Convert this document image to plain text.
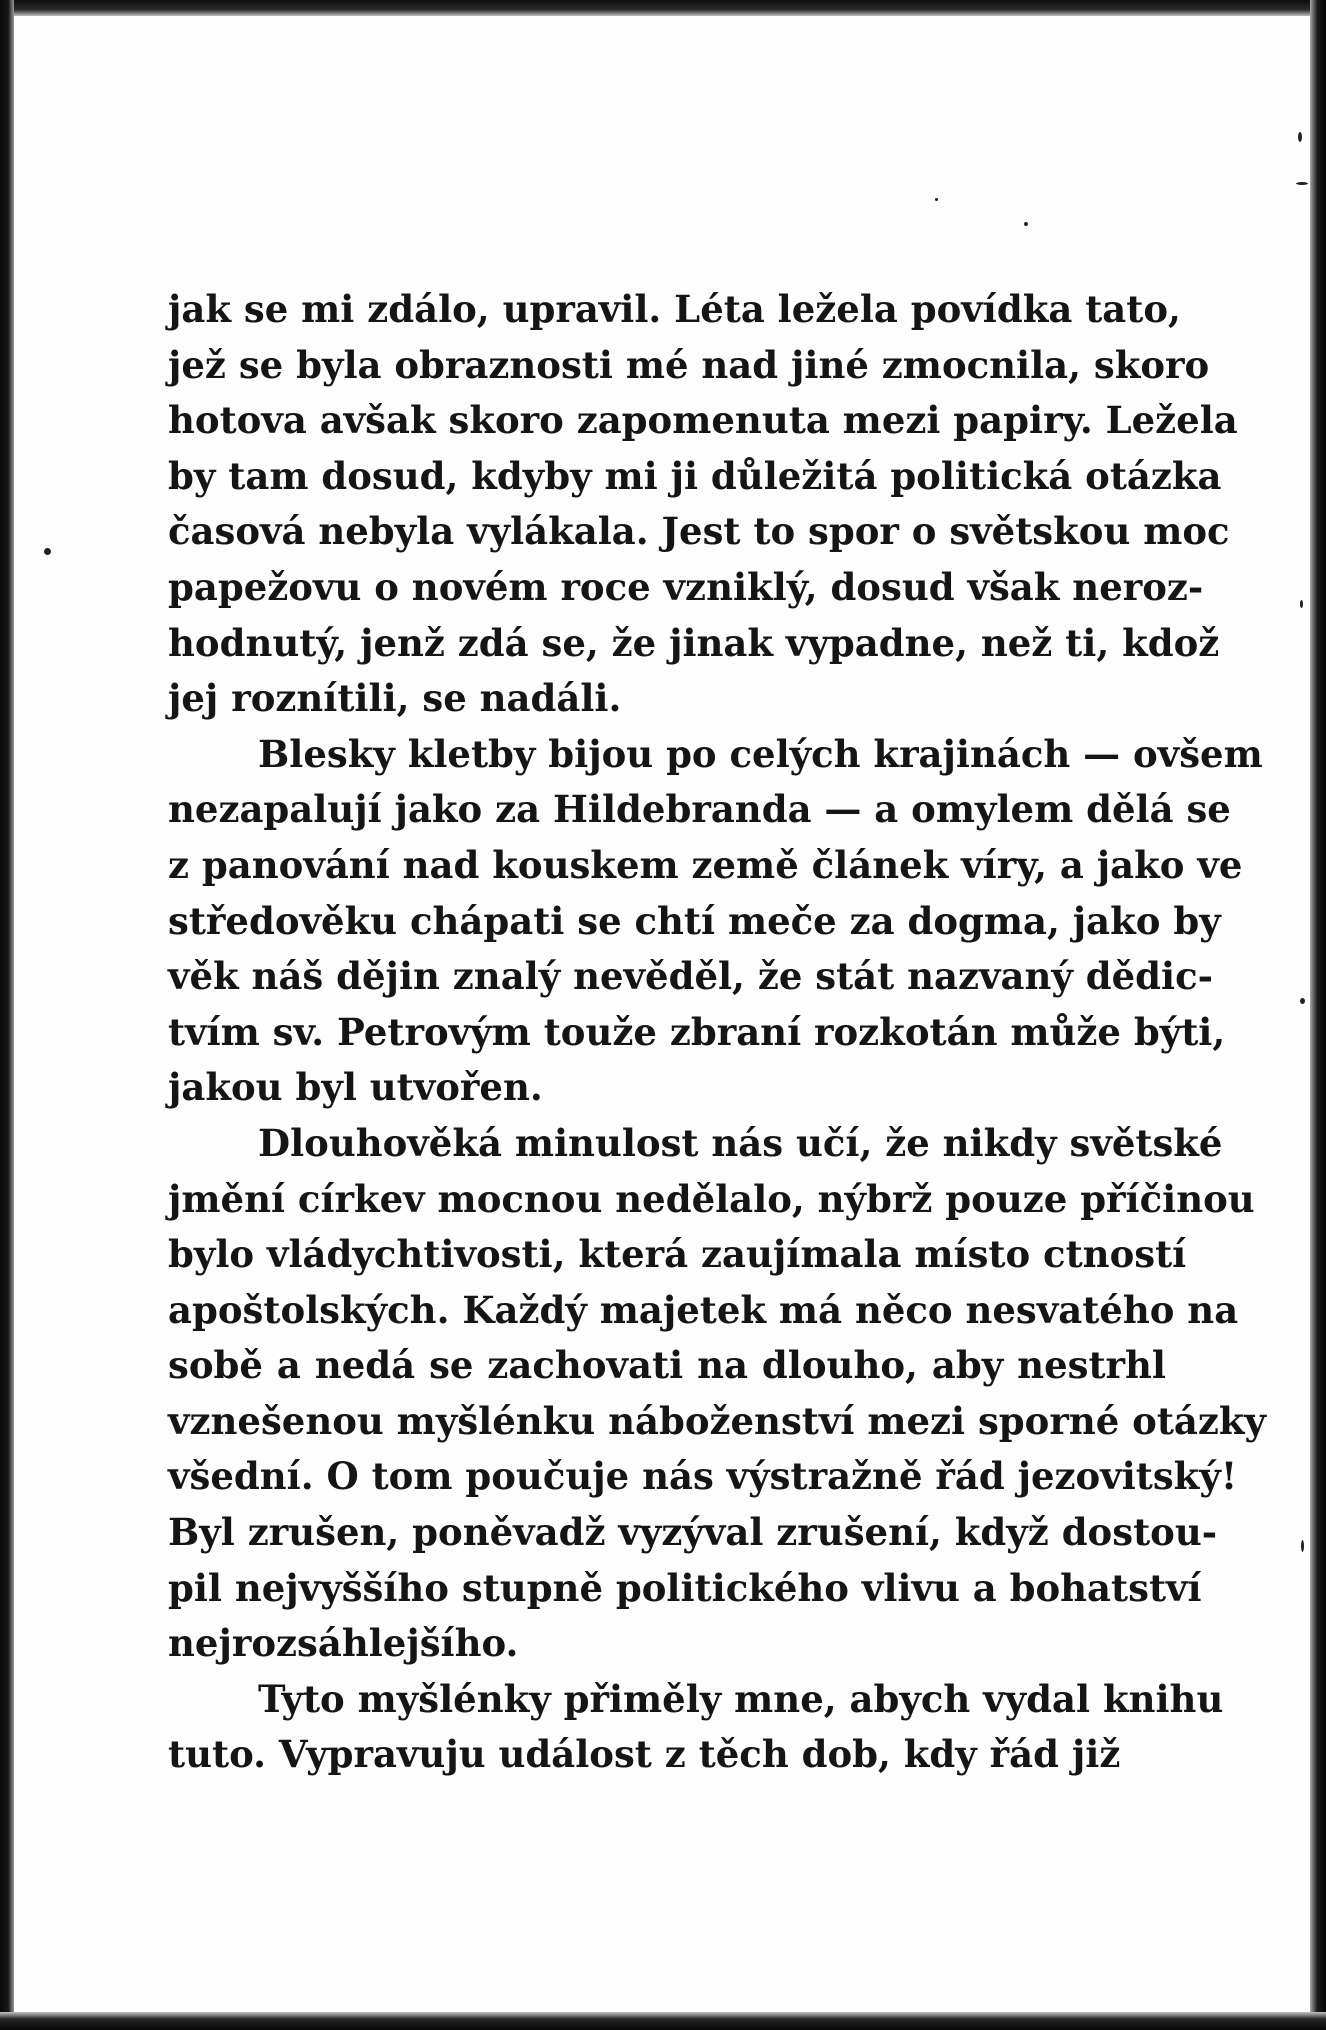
jak se mi zdálo, upravil. Léta ležela povídka tato,
jež se byla obraznosti mé nad jiné zmocnila, skoro
hotova avšak skoro zapomenuta mezi papiry. Ležela
by tam dosud, kdyby mi ji důležitá politická otázka
časová nebyla vylákala. Jest to spor o světskou moc
papežovu o novém roce vzniklý, dosud však neroz-
hodnutý, jenž zdá se, že jinak vypadne, než ti, kdož
jej roznítili, se nadáli.
Blesky kletby bijou po celých krajinách — ovšem
nezapalují jako za Hildebranda — a omylem dělá se
z panování nad kouskem země článek víry, a jako ve
středověku chápati se chtí meče za dogma, jako by
věk náš dějin znalý nevěděl, že stát nazvaný dědic-
tvím sv. Petrovým touže zbraní rozkotán může býti,
jakou byl utvořen.
Dlouhověká minulost nás učí, že nikdy světské
jmění církev mocnou nedělalo, nýbrž pouze příčinou
bylo vládychtivosti, která zaujímala místo ctností
apoštolských. Každý majetek má něco nesvatého na
sobě a nedá se zachovati na dlouho, aby nestrhl
vznešenou myšlénku náboženství mezi sporné otázky
všední. O tom poučuje nás výstražně řád jezovitský!
Byl zrušen, poněvadž vyzýval zrušení, když dostou-
pil nejvyššího stupně politického vlivu a bohatství
nejrozsáhlejšího.
Tyto myšlénky přiměly mne, abych vydal knihu
tuto. Vypravuju událost z těch dob, kdy řád již
